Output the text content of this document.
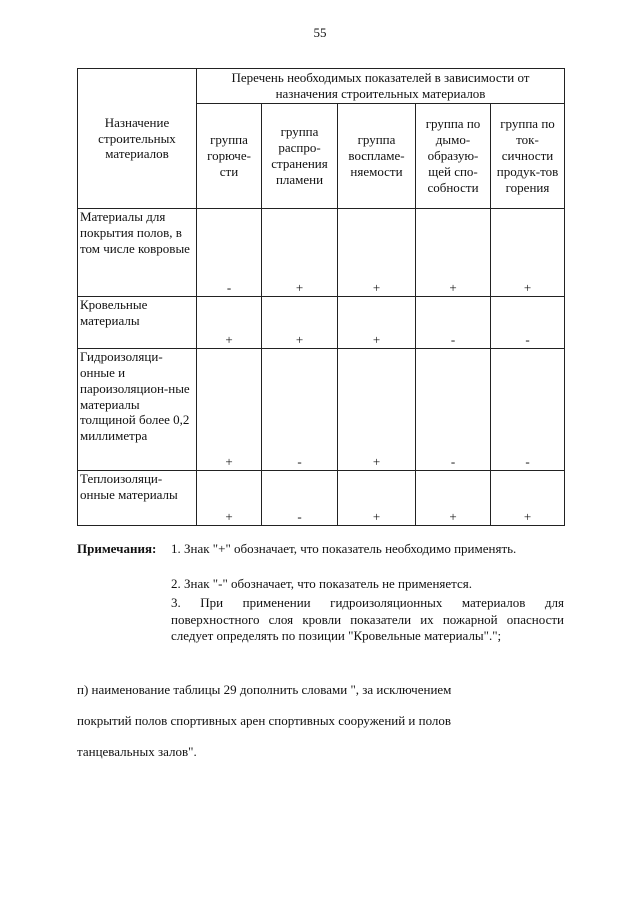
55
Назначение строительных материалов	Перечень необходимых показателей в зависимости от назначения строительных материалов				
	группа горюче-сти	группа распро-странения пламени	группа воспламе-няемости	группа по дымо-образую-щей спо-собности	группа по ток-сичности продук-тов горения
Материалы для покрытия полов, в том числе ковровые	-	+	+	+	+
Кровельные материалы	+	+	+	-	-
Гидроизоляци-онные и пароизоляцион-ные материалы толщиной более 0,2 миллиметра	+	-	+	-	-
Теплоизоляци-онные материалы	+	-	+	+	+
Примечания: 1. Знак "+" обозначает, что показатель необходимо применять.
2. Знак "-" обозначает, что показатель не применяется.
3. При применении гидроизоляционных материалов для поверхностного слоя кровли показатели их пожарной опасности следует определять по позиции "Кровельные материалы".";
п) наименование таблицы 29 дополнить словами ", за исключением
покрытий полов спортивных арен спортивных сооружений и полов
танцевальных залов".
